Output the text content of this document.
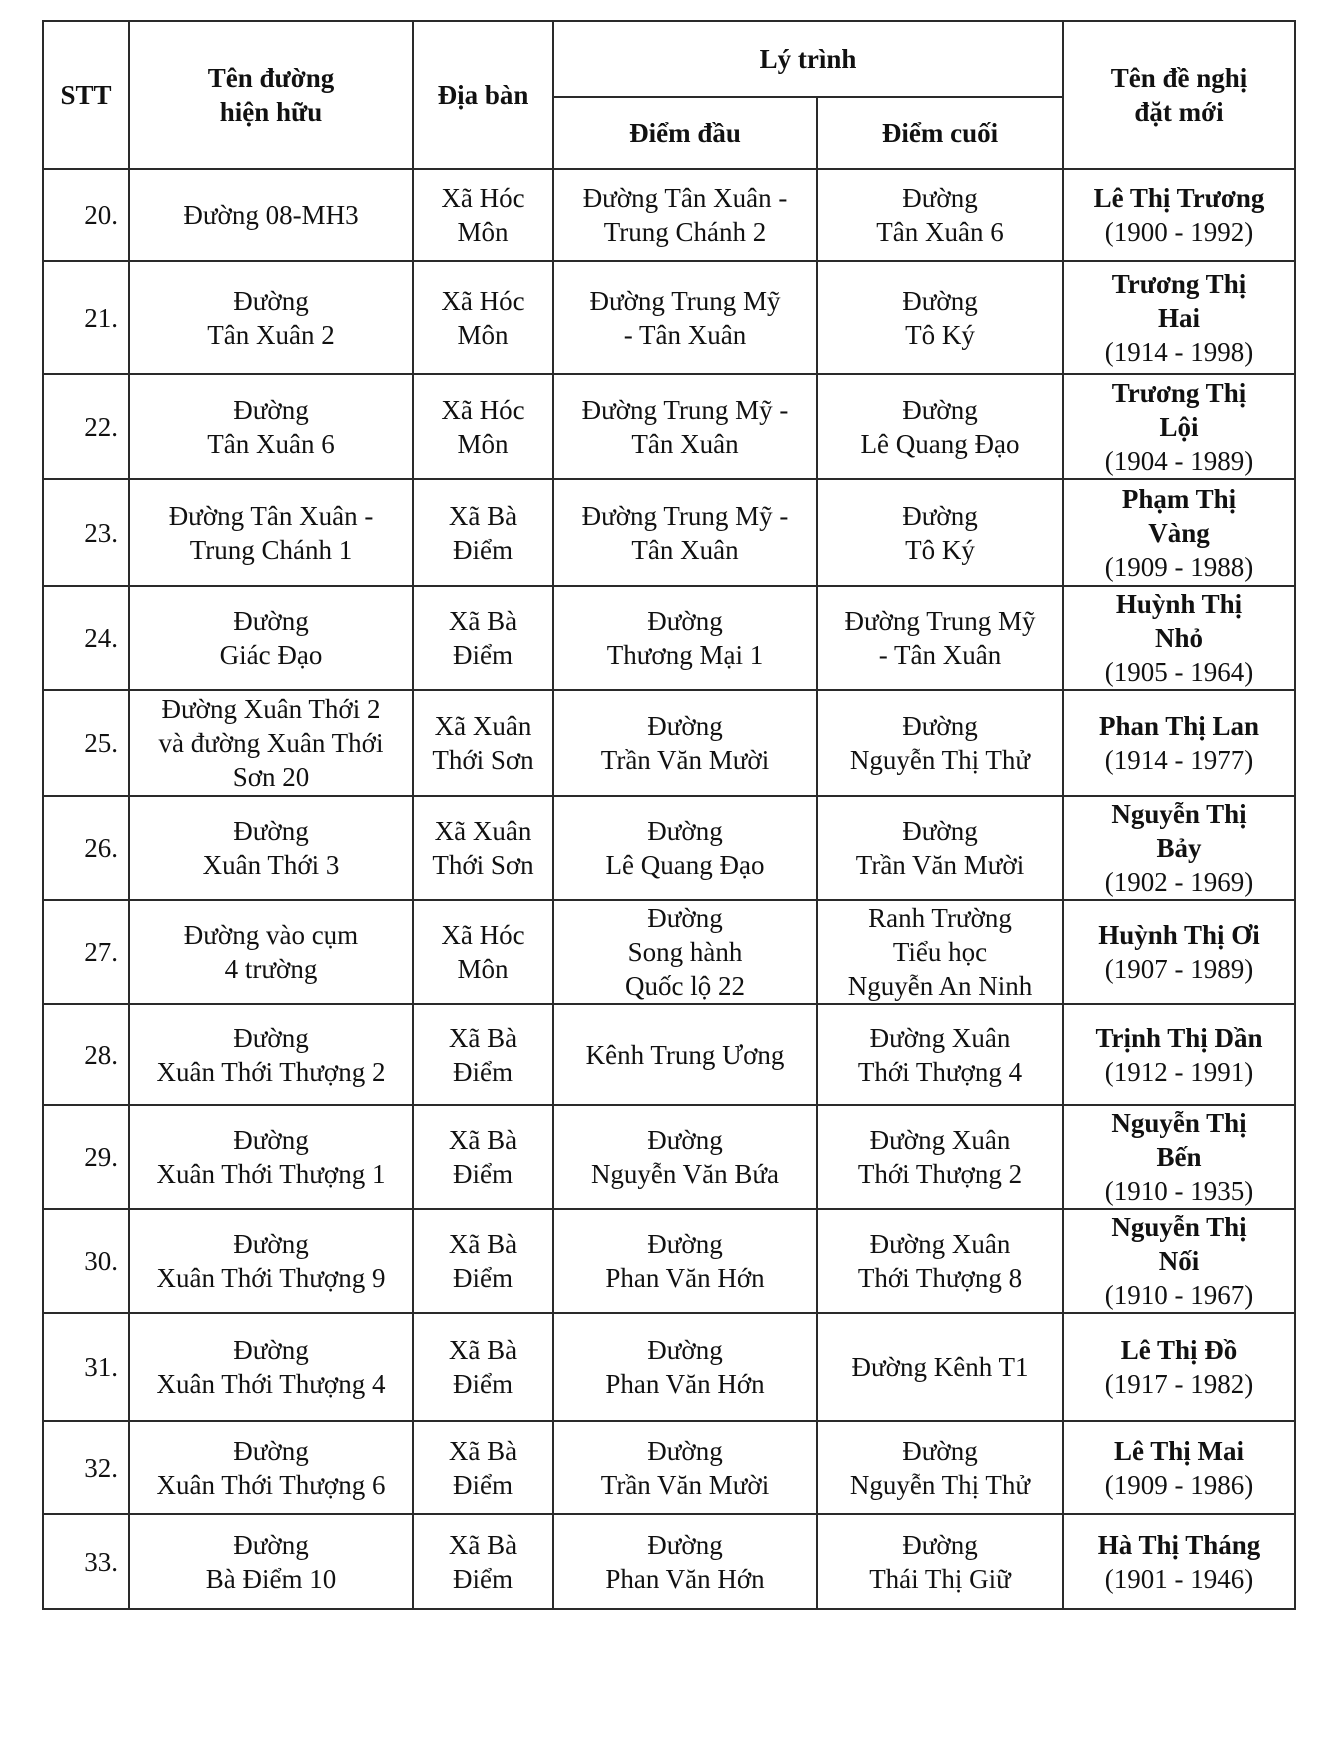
STT	Tên đường
hiện hữu	Địa bàn	Lý trình		Tên đề nghị
đặt mới

			Điểm đầu	Điểm cuối	
20.	Đường 08-MH3	Xã Hóc
Môn	Đường Tân Xuân -
Trung Chánh 2	Đường
Tân Xuân 6	Lê Thị Trương
(1900 - 1992)

21.	Đường
Tân Xuân 2	Xã Hóc
Môn	Đường Trung Mỹ
- Tân Xuân	Đường
Tô Ký	Trương Thị
Hai
(1914 - 1998)

22.	Đường
Tân Xuân 6	Xã Hóc
Môn	Đường Trung Mỹ -
Tân Xuân	Đường
Lê Quang Đạo	Trương Thị
Lội
(1904 - 1989)

23.	Đường Tân Xuân -
Trung Chánh 1	Xã Bà
Điểm	Đường Trung Mỹ -
Tân Xuân	Đường
Tô Ký	Phạm Thị
Vàng
(1909 - 1988)

24.	Đường
Giác Đạo	Xã Bà
Điểm	Đường
Thương Mại 1	Đường Trung Mỹ
- Tân Xuân	Huỳnh Thị
Nhỏ
(1905 - 1964)

25.	Đường Xuân Thới 2
và đường Xuân Thới
Sơn 20	Xã Xuân
Thới Sơn	Đường
Trần Văn Mười	Đường
Nguyễn Thị Thử	Phan Thị Lan
(1914 - 1977)

26.	Đường
Xuân Thới 3	Xã Xuân
Thới Sơn	Đường
Lê Quang Đạo	Đường
Trần Văn Mười	Nguyễn Thị
Bảy
(1902 - 1969)

27.	Đường vào cụm
4 trường	Xã Hóc
Môn	Đường
Song hành
Quốc lộ 22	Ranh Trường
Tiểu học
Nguyễn An Ninh	Huỳnh Thị Ơi
(1907 - 1989)

28.	Đường
Xuân Thới Thượng 2	Xã Bà
Điểm	Kênh Trung Ương	Đường Xuân
Thới Thượng 4	Trịnh Thị Dần
(1912 - 1991)

29.	Đường
Xuân Thới Thượng 1	Xã Bà
Điểm	Đường
Nguyễn Văn Bứa	Đường Xuân
Thới Thượng 2	Nguyễn Thị
Bến
(1910 - 1935)

30.	Đường
Xuân Thới Thượng 9	Xã Bà
Điểm	Đường
Phan Văn Hớn	Đường Xuân
Thới Thượng 8	Nguyễn Thị
Nối
(1910 - 1967)

31.	Đường
Xuân Thới Thượng 4	Xã Bà
Điểm	Đường
Phan Văn Hớn	Đường Kênh T1	Lê Thị Đồ
(1917 - 1982)

32.	Đường
Xuân Thới Thượng 6	Xã Bà
Điểm	Đường
Trần Văn Mười	Đường
Nguyễn Thị Thử	Lê Thị Mai
(1909 - 1986)

33.	Đường
Bà Điểm 10	Xã Bà
Điểm	Đường
Phan Văn Hớn	Đường
Thái Thị Giữ	Hà Thị Tháng
(1901 - 1946)
